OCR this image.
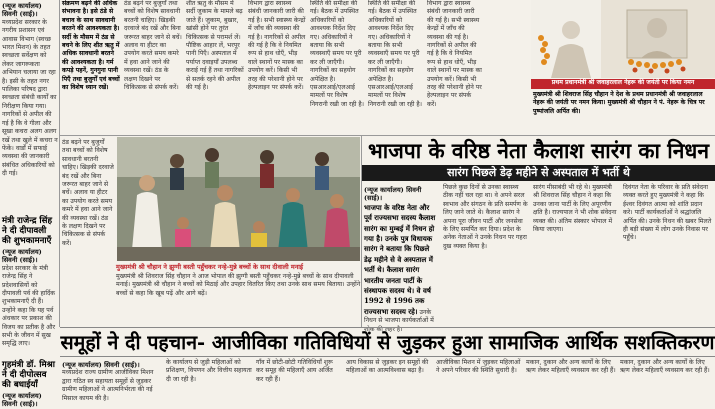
(न्यूज कार्यालय) सिवनी (साई)।
मध्यप्रदेश सरकार के नगरीय प्रशासन एवं आवास विभाग (स्वच्छ भारत मिशन) के तहत स्वच्छता सर्वेक्षण को लेकर जागरूकता अभियान चलाया जा रहा है। इसी के तहत नगर पालिका परिषद द्वारा स्वच्छता संबंधी कार्यों का निरीक्षण किया गया। नागरिकों से अपील की गई है कि वे गीला और सूखा कचरा अलग अलग रखें तथा खुले में कचरा न फेंकें। वार्डों में सफाई व्यवस्था की जानकारी संबंधित अधिकारियों को दी गई।
संक्रमण बढ़ने की अधिक संभावना है। इसे ठंडे से बचाव के साथ सावधानी बरतने की आवश्यकता है। सर्दी के मौसम में ठंड से बचने के लिए शीत ऋतु में अधिक सावधानी बरतने की आवश्यकता है। गर्म कपड़े पहनें, गुनगुना पानी पिएँ तथा बुजुर्गों एवं बच्चों का विशेष ध्यान रखें।
ठंड बढ़ने पर बुजुर्गों तथा बच्चों को विशेष सावधानी बरतनी चाहिए। खिड़की दरवाजे बंद रखें और बिना जरूरत बाहर जाने से बचें। अलाव या हीटर का उपयोग करते समय कमरे में हवा आने जाने की व्यवस्था रखें। ठंड के लक्षण दिखने पर चिकित्सक से संपर्क करें।
शीत ऋतु के मौसम में सर्दी जुकाम के मामले बढ़ जाते हैं। जुकाम, बुखार, खांसी होने पर तुरंत चिकित्सक से परामर्श लें। पौष्टिक आहार लें, भरपूर पानी पिएँ। अस्पताल में पर्याप्त दवाइयाँ उपलब्ध कराई गई हैं तथा नागरिकों से सतर्क रहने की अपील की गई है।
विभाग द्वारा स्वास्थ्य संबंधी जानकारी जारी की गई है। सभी स्वास्थ्य केन्द्रों में जाँच की व्यवस्था की गई है। नागरिकों से अपील की गई है कि वे नियमित रूप से हाथ धोएँ, भीड़ वाले स्थानों पर मास्क का उपयोग करें। किसी भी तरह की परेशानी होने पर हेल्पलाइन पर संपर्क करें।
स्थिति की समीक्षा की गई। बैठक में उपस्थित अधिकारियों को आवश्यक निर्देश दिए गए। अधिकारियों ने बताया कि सभी व्यवस्थाएँ समय पर पूरी कर ली जाएँगी। नागरिकों का सहयोग अपेक्षित है। एसआरआई/एलआई मामलों पर विशेष निगरानी रखी जा रही है।
स्थिति की समीक्षा की गई। बैठक में उपस्थित अधिकारियों को आवश्यक निर्देश दिए गए। अधिकारियों ने बताया कि सभी व्यवस्थाएँ समय पर पूरी कर ली जाएँगी। नागरिकों का सहयोग अपेक्षित है। एसआरआई/एलआई मामलों पर विशेष निगरानी रखी जा रही है।
विभाग द्वारा स्वास्थ्य संबंधी जानकारी जारी की गई है। सभी स्वास्थ्य केन्द्रों में जाँच की व्यवस्था की गई है। नागरिकों से अपील की गई है कि वे नियमित रूप से हाथ धोएँ, भीड़ वाले स्थानों पर मास्क का उपयोग करें। किसी भी तरह की परेशानी होने पर हेल्पलाइन पर संपर्क करें।
प्रथम प्रधानमंत्री श्री जवाहरलाल नेहरू की जयंती पर किया नमन
मुख्यमंत्री श्री शिवराज सिंह चौहान ने देश के प्रथम प्रधानमंत्री श्री जवाहरलाल नेहरू की जयंती पर नमन किया। मुख्यमंत्री श्री चौहान ने पं. नेहरू के चित्र पर पुष्पांजलि अर्पित की।
मंत्री राजेन्द्र सिंह ने दी दीपावली की शुभकामनाएँ
(न्यूज कार्यालय) सिवनी (साई)।
प्रदेश सरकार के मंत्री राजेन्द्र सिंह ने प्रदेशवासियों को दीपावली पर्व की हार्दिक शुभकामनाएँ दी हैं। उन्होंने कहा कि यह पर्व अंधकार पर प्रकाश की विजय का प्रतीक है और सभी के जीवन में सुख समृद्धि लाए।
गृहमंत्री डॉ. मिश्रा ने दी दीपोत्सव की बधाईयाँ
(न्यूज कार्यालय) सिवनी (साई)।
ठंड बढ़ने पर बुजुर्गों तथा बच्चों को विशेष सावधानी बरतनी चाहिए। खिड़की दरवाजे बंद रखें और बिना जरूरत बाहर जाने से बचें। अलाव या हीटर का उपयोग करते समय कमरे में हवा आने जाने की व्यवस्था रखें। ठंड के लक्षण दिखने पर चिकित्सक से संपर्क करें।
मुख्यमंत्री श्री चौहान ने झुग्गी बस्ती पहुँचकर नन्हे-मुन्ने बच्चों के साथ दीवाली मनाई
मुख्यमंत्री श्री शिवराज सिंह चौहान ने आज भोपाल की झुग्गी बस्ती पहुँचकर नन्हे-मुन्ने बच्चों के साथ दीपावली मनाई। मुख्यमंत्री श्री चौहान ने बच्चों को मिठाई और उपहार वितरित किए तथा उनके साथ समय बिताया। उन्होंने बच्चों से कहा कि खूब पढ़ें और आगे बढ़ें।
भाजपा के वरिष्ठ नेता कैलाश सारंग का निधन
सारंग पिछले डेढ़ महीने से अस्पताल में भर्ती थे
(न्यूज कार्यालय) सिवनी (साई)।
भाजपा के वरिष्ठ नेता और पूर्व राज्यसभा सदस्य कैलाश सारंग का मुम्बई में निधन हो गया है। उनके पुत्र विधायक सारंग ने बताया कि पिछले डेढ़ महीने से वे अस्पताल में भर्ती थे। कैलाश सारंग भारतीय जनता पार्टी के संस्थापक सदस्य थे। वे वर्ष 1992 से 1996 तक राज्यसभा सदस्य रहे। उनके निधन से भाजपा कार्यकर्ताओं में शोक की लहर है।
पिछले कुछ दिनों से उनका स्वास्थ्य ठीक नहीं चल रहा था। वे अपने सरल स्वभाव और संगठन के प्रति समर्पण के लिए जाने जाते थे। कैलाश सारंग ने अपना पूरा जीवन पार्टी और जनसेवा के लिए समर्पित कर दिया। प्रदेश के अनेक नेताओं ने उनके निधन पर गहरा दुख व्यक्त किया है।
सारंग मीसाबंदी भी रहे थे। मुख्यमंत्री श्री शिवराज सिंह चौहान ने कहा कि उनका जाना पार्टी के लिए अपूरणीय क्षति है। राज्यपाल ने भी शोक संवेदना व्यक्त की। अंतिम संस्कार भोपाल में किया जाएगा।
दिवंगत नेता के परिवार के प्रति संवेदना व्यक्त करते हुए मुख्यमंत्री ने कहा कि ईश्वर दिवंगत आत्मा को शांति प्रदान करे। पार्टी कार्यकर्ताओं ने श्रद्धांजलि अर्पित की। उनके निधन की खबर मिलते ही बड़ी संख्या में लोग उनके निवास पर पहुँचे।
समूहों ने दी पहचान- आजीविका गतिविधियों से जुड़कर हुआ सामाजिक आर्थिक सशक्तिकरण
(न्यूज कार्यालय) सिवनी (साई)।
मध्यप्रदेश राज्य ग्रामीण आजीविका मिशन द्वारा गठित स्व सहायता समूहों से जुड़कर ग्रामीण महिलाओं ने आत्मनिर्भरता की नई मिसाल कायम की है।
के कार्यालय से जुड़ी महिलाओं को प्रशिक्षण, विपणन और वित्तीय सहायता दी जा रही है।
गाँव में छोटी-छोटी गतिविधियाँ शुरू कर समूह की महिलाएँ आय अर्जित कर रही हैं।
आय विकास से जुड़कर इन समूहों की महिलाओं का आत्मविश्वास बढ़ा है।
आजीविका मिशन में जुड़कर महिलाओं ने अपने परिवार की स्थिति सुधारी है।
मकान, दुकान और अन्य कार्यों के लिए ऋण लेकर महिलाएँ व्यवसाय कर रही हैं।
मकान, दुकान और अन्य कार्यों के लिए ऋण लेकर महिलाएँ व्यवसाय कर रही हैं।
